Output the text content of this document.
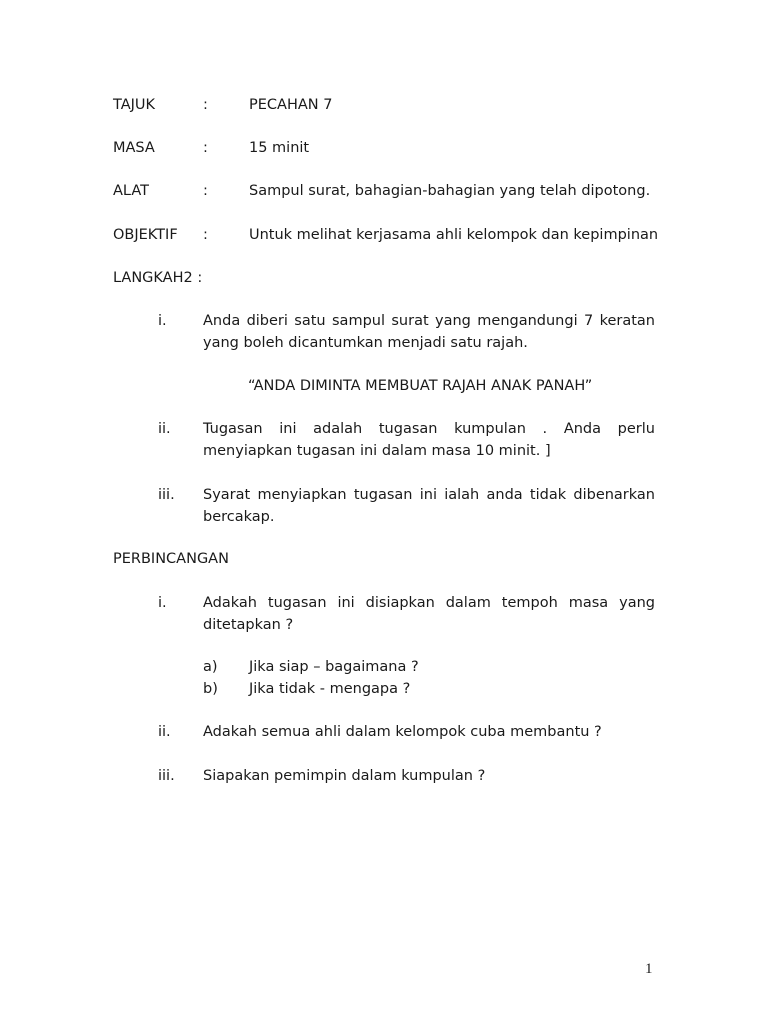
TAJUK	:	PECAHAN 7
MASA	:	15 minit
ALAT	:	Sampul surat, bahagian-bahagian yang telah dipotong.
OBJEKTIF :	Untuk melihat kerjasama ahli kelompok dan kepimpinan
LANGKAH2 :
i.	Anda diberi satu sampul surat yang mengandungi 7 keratan yang boleh dicantumkan menjadi satu rajah.
“ANDA DIMINTA MEMBUAT RAJAH ANAK PANAH”
ii. Tugasan ini adalah tugasan kumpulan . Anda perlu menyiapkan tugasan ini dalam masa 10 minit. ]
iii. Syarat menyiapkan tugasan ini ialah anda tidak dibenarkan bercakap.
PERBINCANGAN
i.	Adakah tugasan ini disiapkan dalam tempoh masa yang ditetapkan ?
a) Jika siap – bagaimana ?
b) Jika tidak - mengapa ?
ii. Adakah semua ahli dalam kelompok cuba membantu ?
iii. Siapakan pemimpin dalam kumpulan ?
1
